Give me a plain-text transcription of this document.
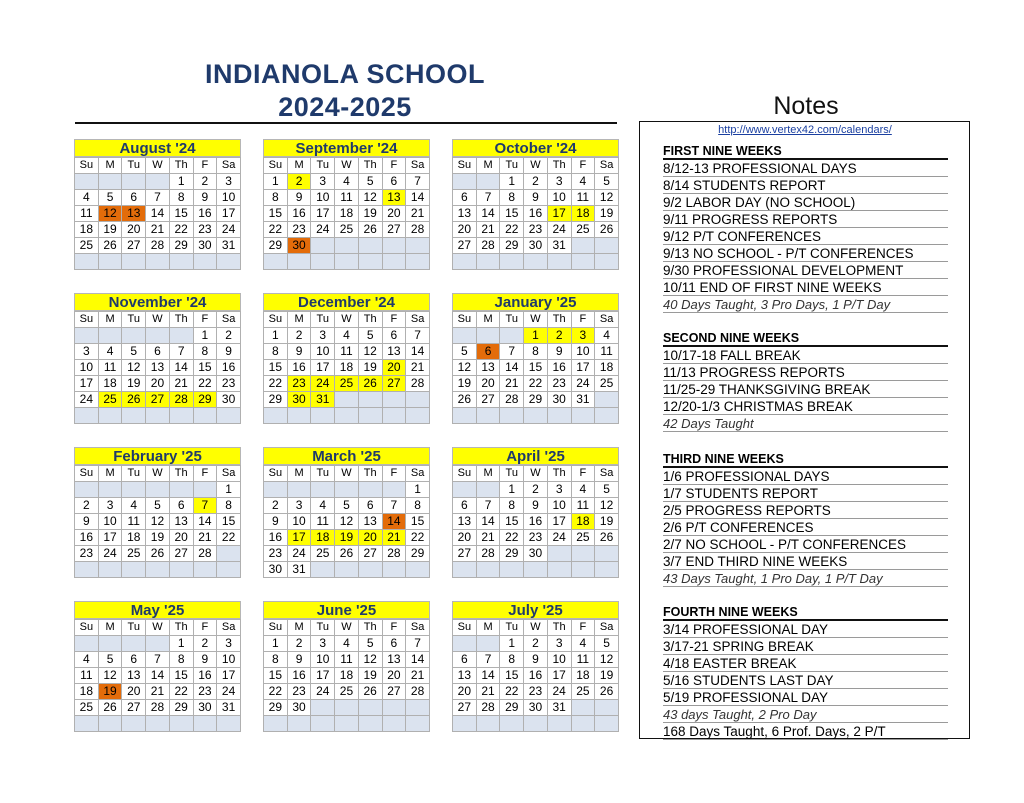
INDIANOLA SCHOOL
2024-2025
August '24
Su	M	Tu	W	Th	F	Sa
				1	2	3
4	5	6	7	8	9	10
11	12	13	14	15	16	17
18	19	20	21	22	23	24
25	26	27	28	29	30	31

September '24
Su	M	Tu	W	Th	F	Sa
1	2	3	4	5	6	7
8	9	10	11	12	13	14
15	16	17	18	19	20	21
22	23	24	25	26	27	28
29	30					

October '24
Su	M	Tu	W	Th	F	Sa
		1	2	3	4	5
6	7	8	9	10	11	12
13	14	15	16	17	18	19
20	21	22	23	24	25	26
27	28	29	30	31		

November '24
Su	M	Tu	W	Th	F	Sa
					1	2
3	4	5	6	7	8	9
10	11	12	13	14	15	16
17	18	19	20	21	22	23
24	25	26	27	28	29	30

December '24
Su	M	Tu	W	Th	F	Sa
1	2	3	4	5	6	7
8	9	10	11	12	13	14
15	16	17	18	19	20	21
22	23	24	25	26	27	28
29	30	31				

January '25
Su	M	Tu	W	Th	F	Sa
			1	2	3	4
5	6	7	8	9	10	11
12	13	14	15	16	17	18
19	20	21	22	23	24	25
26	27	28	29	30	31	

February '25
Su	M	Tu	W	Th	F	Sa
						1
2	3	4	5	6	7	8
9	10	11	12	13	14	15
16	17	18	19	20	21	22
23	24	25	26	27	28	

March '25
Su	M	Tu	W	Th	F	Sa
						1
2	3	4	5	6	7	8
9	10	11	12	13	14	15
16	17	18	19	20	21	22
23	24	25	26	27	28	29
30	31					
April '25
Su	M	Tu	W	Th	F	Sa
		1	2	3	4	5
6	7	8	9	10	11	12
13	14	15	16	17	18	19
20	21	22	23	24	25	26
27	28	29	30			

May '25
Su	M	Tu	W	Th	F	Sa
				1	2	3
4	5	6	7	8	9	10
11	12	13	14	15	16	17
18	19	20	21	22	23	24
25	26	27	28	29	30	31

June '25
Su	M	Tu	W	Th	F	Sa
1	2	3	4	5	6	7
8	9	10	11	12	13	14
15	16	17	18	19	20	21
22	23	24	25	26	27	28
29	30					

July '25
Su	M	Tu	W	Th	F	Sa
		1	2	3	4	5
6	7	8	9	10	11	12
13	14	15	16	17	18	19
20	21	22	23	24	25	26
27	28	29	30	31		

Notes
http://www.vertex42.com/calendars/
FIRST NINE WEEKS
8/12-13 PROFESSIONAL DAYS
8/14 STUDENTS REPORT
9/2 LABOR DAY (NO SCHOOL)
9/11 PROGRESS REPORTS
9/12 P/T CONFERENCES
9/13 NO SCHOOL - P/T CONFERENCES
9/30 PROFESSIONAL DEVELOPMENT
10/11 END OF FIRST NINE WEEKS
40 Days Taught, 3 Pro Days, 1 P/T Day
SECOND NINE WEEKS
10/17-18 FALL BREAK
11/13 PROGRESS REPORTS
11/25-29 THANKSGIVING BREAK
12/20-1/3 CHRISTMAS BREAK
42 Days Taught
THIRD NINE WEEKS
1/6 PROFESSIONAL DAYS
1/7 STUDENTS REPORT
2/5 PROGRESS REPORTS
2/6 P/T CONFERENCES
2/7 NO SCHOOL - P/T CONFERENCES
3/7 END THIRD NINE WEEKS
43 Days Taught, 1 Pro Day, 1 P/T Day
FOURTH NINE WEEKS
3/14 PROFESSIONAL DAY
3/17-21 SPRING BREAK
4/18 EASTER BREAK
5/16 STUDENTS LAST DAY
5/19 PROFESSIONAL DAY
43 days Taught, 2 Pro Day
168 Days Taught, 6 Prof. Days, 2 P/T
